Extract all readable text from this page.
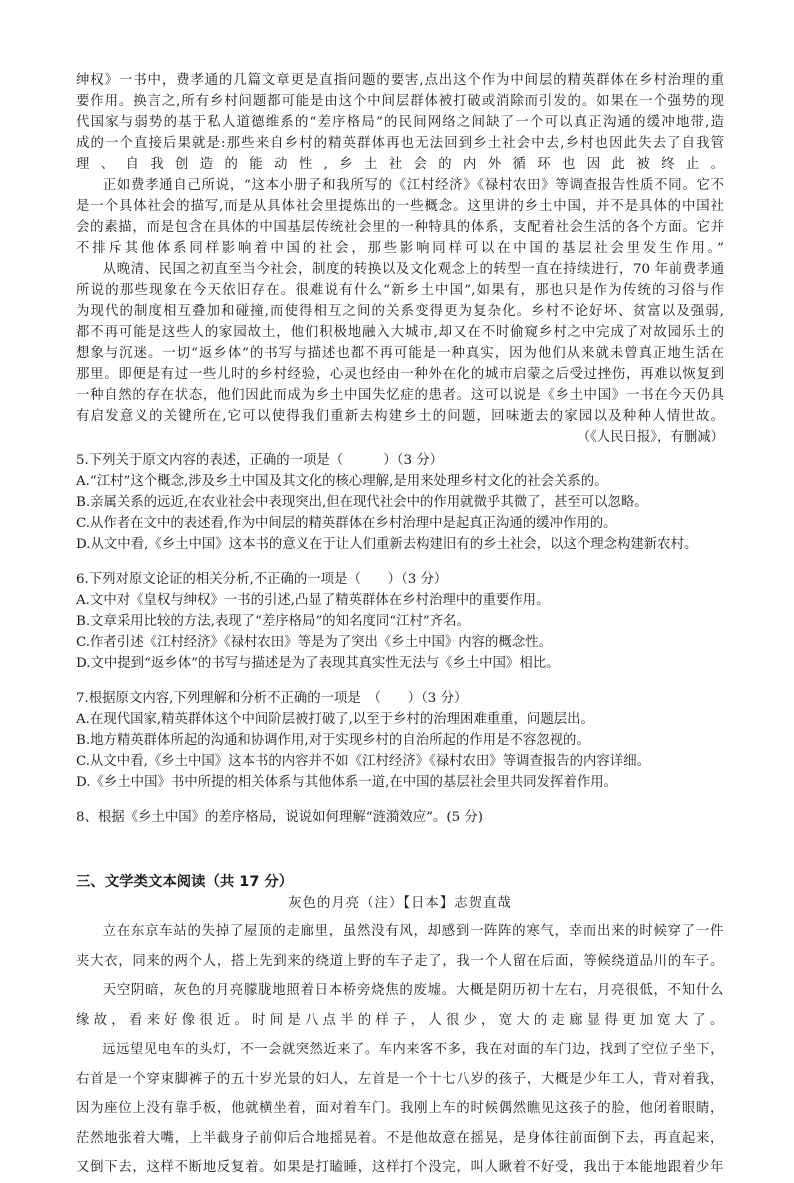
绅权》一书中，费孝通的几篇文章更是直指问题的要害,点出这个作为中间层的精英群体在乡村治理的重
要作用。换言之,所有乡村问题都可能是由这个中间层群体被打破或消除而引发的。如果在一个强势的现
代国家与弱势的基于私人道德维系的“差序格局”的民间网络之间缺了一个可以真正沟通的缓冲地带,造
成的一个直接后果就是:那些来自乡村的精英群体再也无法回到乡土社会中去,乡村也因此失去了自我管
理、自我创造的能动性,乡土社会的内外循环也因此被终止。

正如费孝通自己所说，“这本小册子和我所写的《江村经济》《禄村农田》等调查报告性质不同。它不
是一个具体社会的描写,而是从具体社会里提炼出的一些概念。这里讲的乡土中国，并不是具体的中国社
会的素描，而是包含在具体的中国基层传统社会里的一种特具的体系，支配着社会生活的各个方面。它并
不排斥其他体系同样影响着中国的社会，那些影响同样可以在中国的基层社会里发生作用。”

从晚清、民国之初直至当今社会，制度的转换以及文化观念上的转型一直在持续进行，70 年前费孝通
所说的那些现象在今天依旧存在。很难说有什么“新乡土中国”,如果有，那也只是作为传统的习俗与作
为现代的制度相互叠加和碰撞,而使得相互之间的关系变得更为复杂化。乡村不论好坏、贫富以及强弱,
都不再可能是这些人的家园故土，他们积极地融入大城市,却又在不时偷窥乡村之中完成了对故园乐土的
想象与沉迷。一切“返乡体”的书写与描述也都不再可能是一种真实，因为他们从来就未曾真正地生活在
那里。即便是有过一些儿时的乡村经验，心灵也经由一种外在化的城市启蒙之后受过挫伤，再难以恢复到
一种自然的存在状态，他们因此而成为乡土中国失忆症的患者。这可以说是《乡土中国》一书在今天仍具
有启发意义的关键所在,它可以使得我们重新去构建乡土的问题，回味逝去的家园以及种种人情世故。

（《人民日报》，有删减）

5.下列关于原文内容的表述，正确的一项是（　　　）（3 分）

A.“江村”这个概念,涉及乡土中国及其文化的核心理解,是用来处理乡村文化的社会关系的。

B.亲属关系的远近,在农业社会中表现突出,但在现代社会中的作用就微乎其微了，甚至可以忽略。

C.从作者在文中的表述看,作为中间层的精英群体在乡村治理中是起真正沟通的缓冲作用的。

D.从文中看,《乡土中国》这本书的意义在于让人们重新去构建旧有的乡土社会，以这个理念构建新农村。

6.下列对原文论证的相关分析,不正确的一项是（　　）（3 分）

A.文中对《皇权与绅权》一书的引述,凸显了精英群体在乡村治理中的重要作用。

B.文章采用比较的方法,表现了“差序格局”的知名度同“江村”齐名。

C.作者引述《江村经济》《禄村农田》等是为了突出《乡土中国》内容的概念性。

D.文中提到“返乡体”的书写与描述是为了表现其真实性无法与《乡土中国》相比。

7.根据原文内容,下列理解和分析不正确的一项是　（　　）（3 分）

A.在现代国家,精英群体这个中间阶层被打破了,以至于乡村的治理困难重重，问题层出。

B.地方精英群体所起的沟通和协调作用,对于实现乡村的自治所起的作用是不容忽视的。

C.从文中看,《乡土中国》这本书的内容并不如《江村经济》《禄村农田》等调查报告的内容详细。

D.《乡土中国》书中所提的相关体系与其他体系一道,在中国的基层社会里共同发挥着作用。

8、根据《乡土中国》的差序格局，说说如何理解“涟漪效应”。(5 分)

三、文学类文本阅读（共 17 分）

灰色的月亮（注）【日本】志贺直哉

立在东京车站的失掉了屋顶的走廊里，虽然没有风，却感到一阵阵的寒气，幸而出来的时候穿了一件
夹大衣，同来的两个人，搭上先到来的绕道上野的车子走了，我一个人留在后面，等候绕道品川的车子。

天空阴暗，灰色的月亮朦胧地照着日本桥旁烧焦的废墟。大概是阴历初十左右，月亮很低，不知什么
缘故，看来好像很近。时间是八点半的样子，人很少，宽大的走廊显得更加宽大了。

远远望见电车的头灯，不一会就突然近来了。车内来客不多，我在对面的车门边，找到了空位子坐下，
右首是一个穿束脚裤子的五十岁光景的妇人，左首是一个十七八岁的孩子，大概是少年工人，背对着我，
因为座位上没有靠手板，他就横坐着，面对着车门。我刚上车的时候偶然瞧见这孩子的脸，他闭着眼睛，
茫然地张着大嘴，上半截身子前仰后合地摇晃着。不是他故意在摇晃，是身体往前面倒下去，再直起来，
又倒下去，这样不断地反复着。如果是打瞌睡，这样打个没完，叫人瞅着不好受，我出于本能地跟着少年
